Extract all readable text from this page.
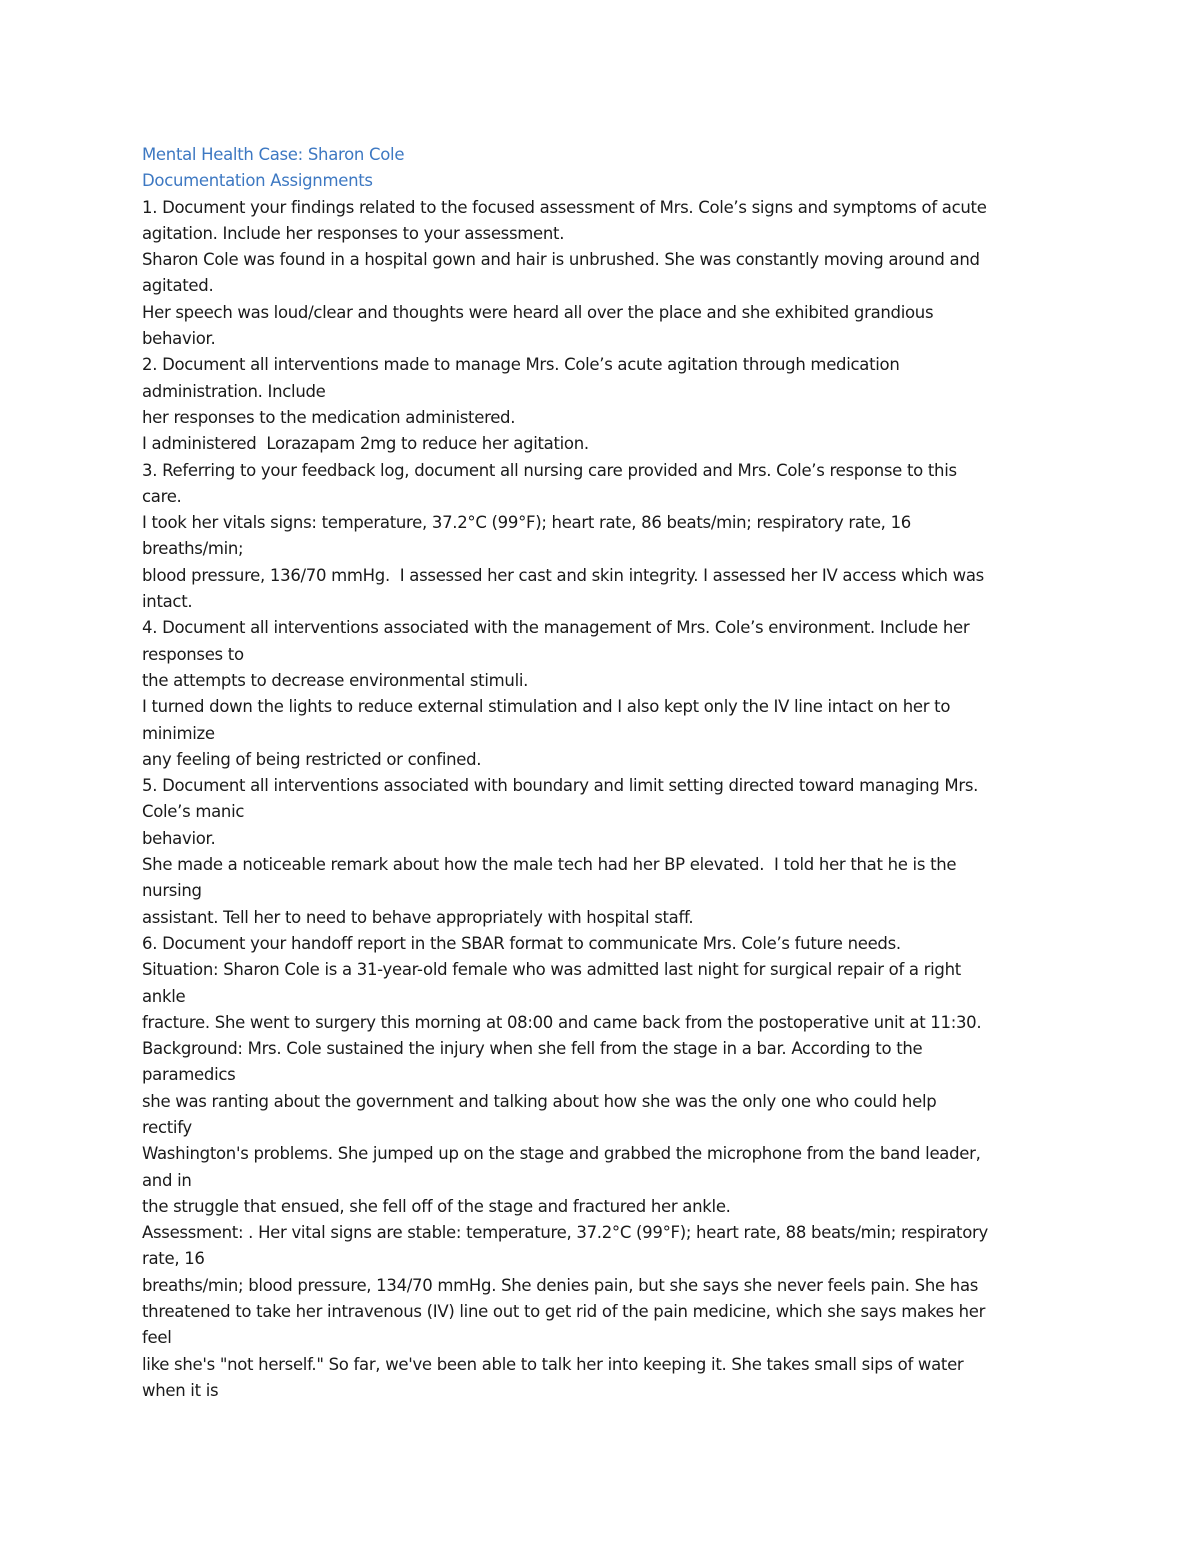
Mental Health Case: Sharon Cole
Documentation Assignments
1. Document your findings related to the focused assessment of Mrs. Cole’s signs and symptoms of acute
agitation. Include her responses to your assessment.
Sharon Cole was found in a hospital gown and hair is unbrushed. She was constantly moving around and
agitated.
Her speech was loud/clear and thoughts were heard all over the place and she exhibited grandious
behavior.
2. Document all interventions made to manage Mrs. Cole’s acute agitation through medication
administration. Include
her responses to the medication administered.
I administered  Lorazapam 2mg to reduce her agitation.
3. Referring to your feedback log, document all nursing care provided and Mrs. Cole’s response to this
care.
I took her vitals signs: temperature, 37.2°C (99°F); heart rate, 86 beats/min; respiratory rate, 16
breaths/min;
blood pressure, 136/70 mmHg.  I assessed her cast and skin integrity. I assessed her IV access which was
intact.
4. Document all interventions associated with the management of Mrs. Cole’s environment. Include her
responses to
the attempts to decrease environmental stimuli.
I turned down the lights to reduce external stimulation and I also kept only the IV line intact on her to
minimize
any feeling of being restricted or confined.
5. Document all interventions associated with boundary and limit setting directed toward managing Mrs.
Cole’s manic
behavior.
She made a noticeable remark about how the male tech had her BP elevated.  I told her that he is the
nursing
assistant. Tell her to need to behave appropriately with hospital staff.
6. Document your handoff report in the SBAR format to communicate Mrs. Cole’s future needs.
Situation: Sharon Cole is a 31-year-old female who was admitted last night for surgical repair of a right
ankle
fracture. She went to surgery this morning at 08:00 and came back from the postoperative unit at 11:30.
Background: Mrs. Cole sustained the injury when she fell from the stage in a bar. According to the
paramedics
she was ranting about the government and talking about how she was the only one who could help
rectify
Washington's problems. She jumped up on the stage and grabbed the microphone from the band leader,
and in
the struggle that ensued, she fell off of the stage and fractured her ankle.
Assessment: . Her vital signs are stable: temperature, 37.2°C (99°F); heart rate, 88 beats/min; respiratory
rate, 16
breaths/min; blood pressure, 134/70 mmHg. She denies pain, but she says she never feels pain. She has
threatened to take her intravenous (IV) line out to get rid of the pain medicine, which she says makes her
feel
like she's "not herself." So far, we've been able to talk her into keeping it. She takes small sips of water
when it is
